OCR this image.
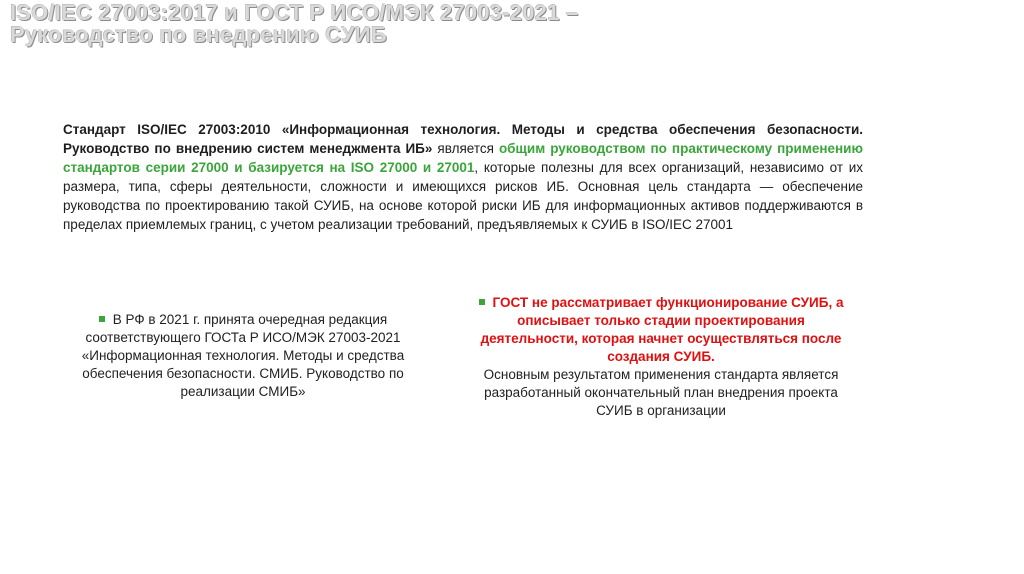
ISO/IEC 27003:2017 и ГОСТ Р ИСО/МЭК 27003-2021 –
Руководство по внедрению СУИБ
Стандарт ISO/IEC 27003:2010 «Информационная технология. Методы и средства обеспечения безопасности. Руководство по внедрению систем менеджмента ИБ» является общим руководством по практическому применению стандартов серии 27000 и базируется на ISO 27000 и 27001, которые полезны для всех организаций, независимо от их размера, типа, сферы деятельности, сложности и имеющихся рисков ИБ. Основная цель стандарта — обеспечение руководства по проектированию такой СУИБ, на основе которой риски ИБ для информационных активов поддерживаются в пределах приемлемых границ, с учетом реализации требований, предъявляемых к СУИБ в ISO/IEC 27001
В РФ в 2021 г. принята очередная редакция соответствующего ГОСТа Р ИСО/МЭК 27003-2021 «Информационная технология. Методы и средства обеспечения безопасности. СМИБ. Руководство по реализации СМИБ»
ГОСТ не рассматривает функционирование СУИБ, а описывает только стадии проектирования деятельности, которая начнет осуществляться после создания СУИБ.
Основным результатом применения стандарта является разработанный окончательный план внедрения проекта СУИБ в организации
